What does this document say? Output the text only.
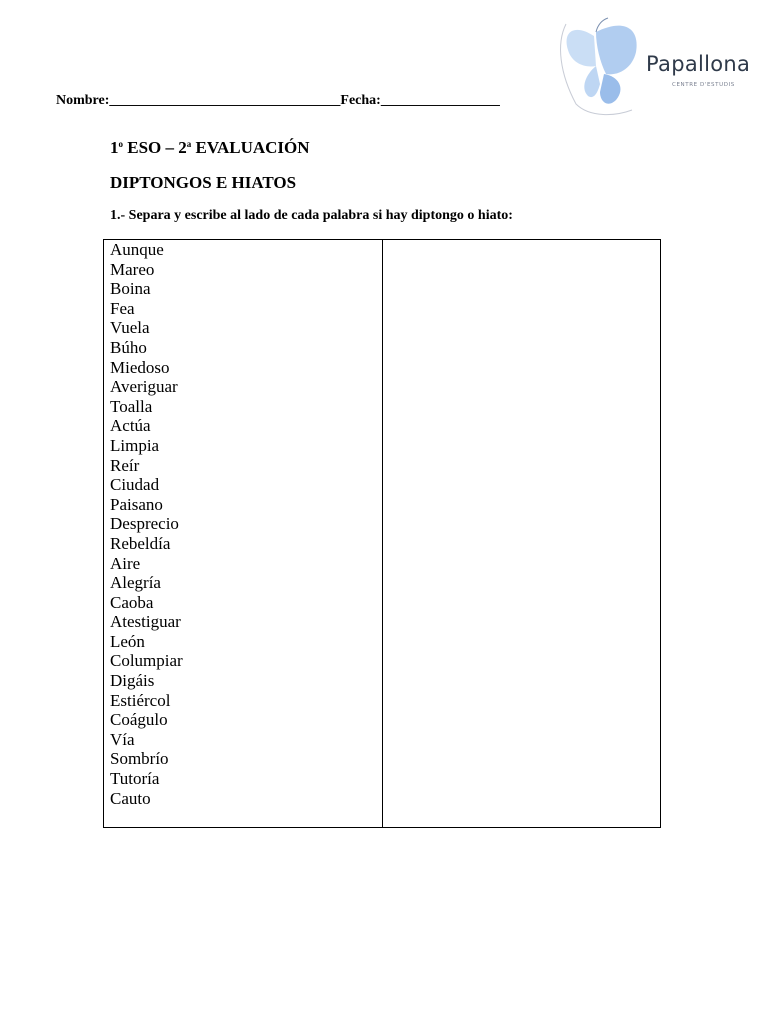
Papallona
CENTRE D'ESTUDIS
Nombre:_________________________________Fecha:_________________
1$^o$ ESO – 2$^a$ EVALUACIÓN
DIPTONGOS E HIATOS
1.- Separa y escribe al lado de cada palabra si hay diptongo o hiato:
Aunque
Mareo
Boina
Fea
Vuela
Búho
Miedoso
Averiguar
Toalla
Actúa
Limpia
Reír
Ciudad
Paisano
Desprecio
Rebeldía
Aire
Alegría
Caoba
Atestiguar
León
Columpiar
Digáis
Estiércol
Coágulo
Vía
Sombrío
Tutoría
Cauto
